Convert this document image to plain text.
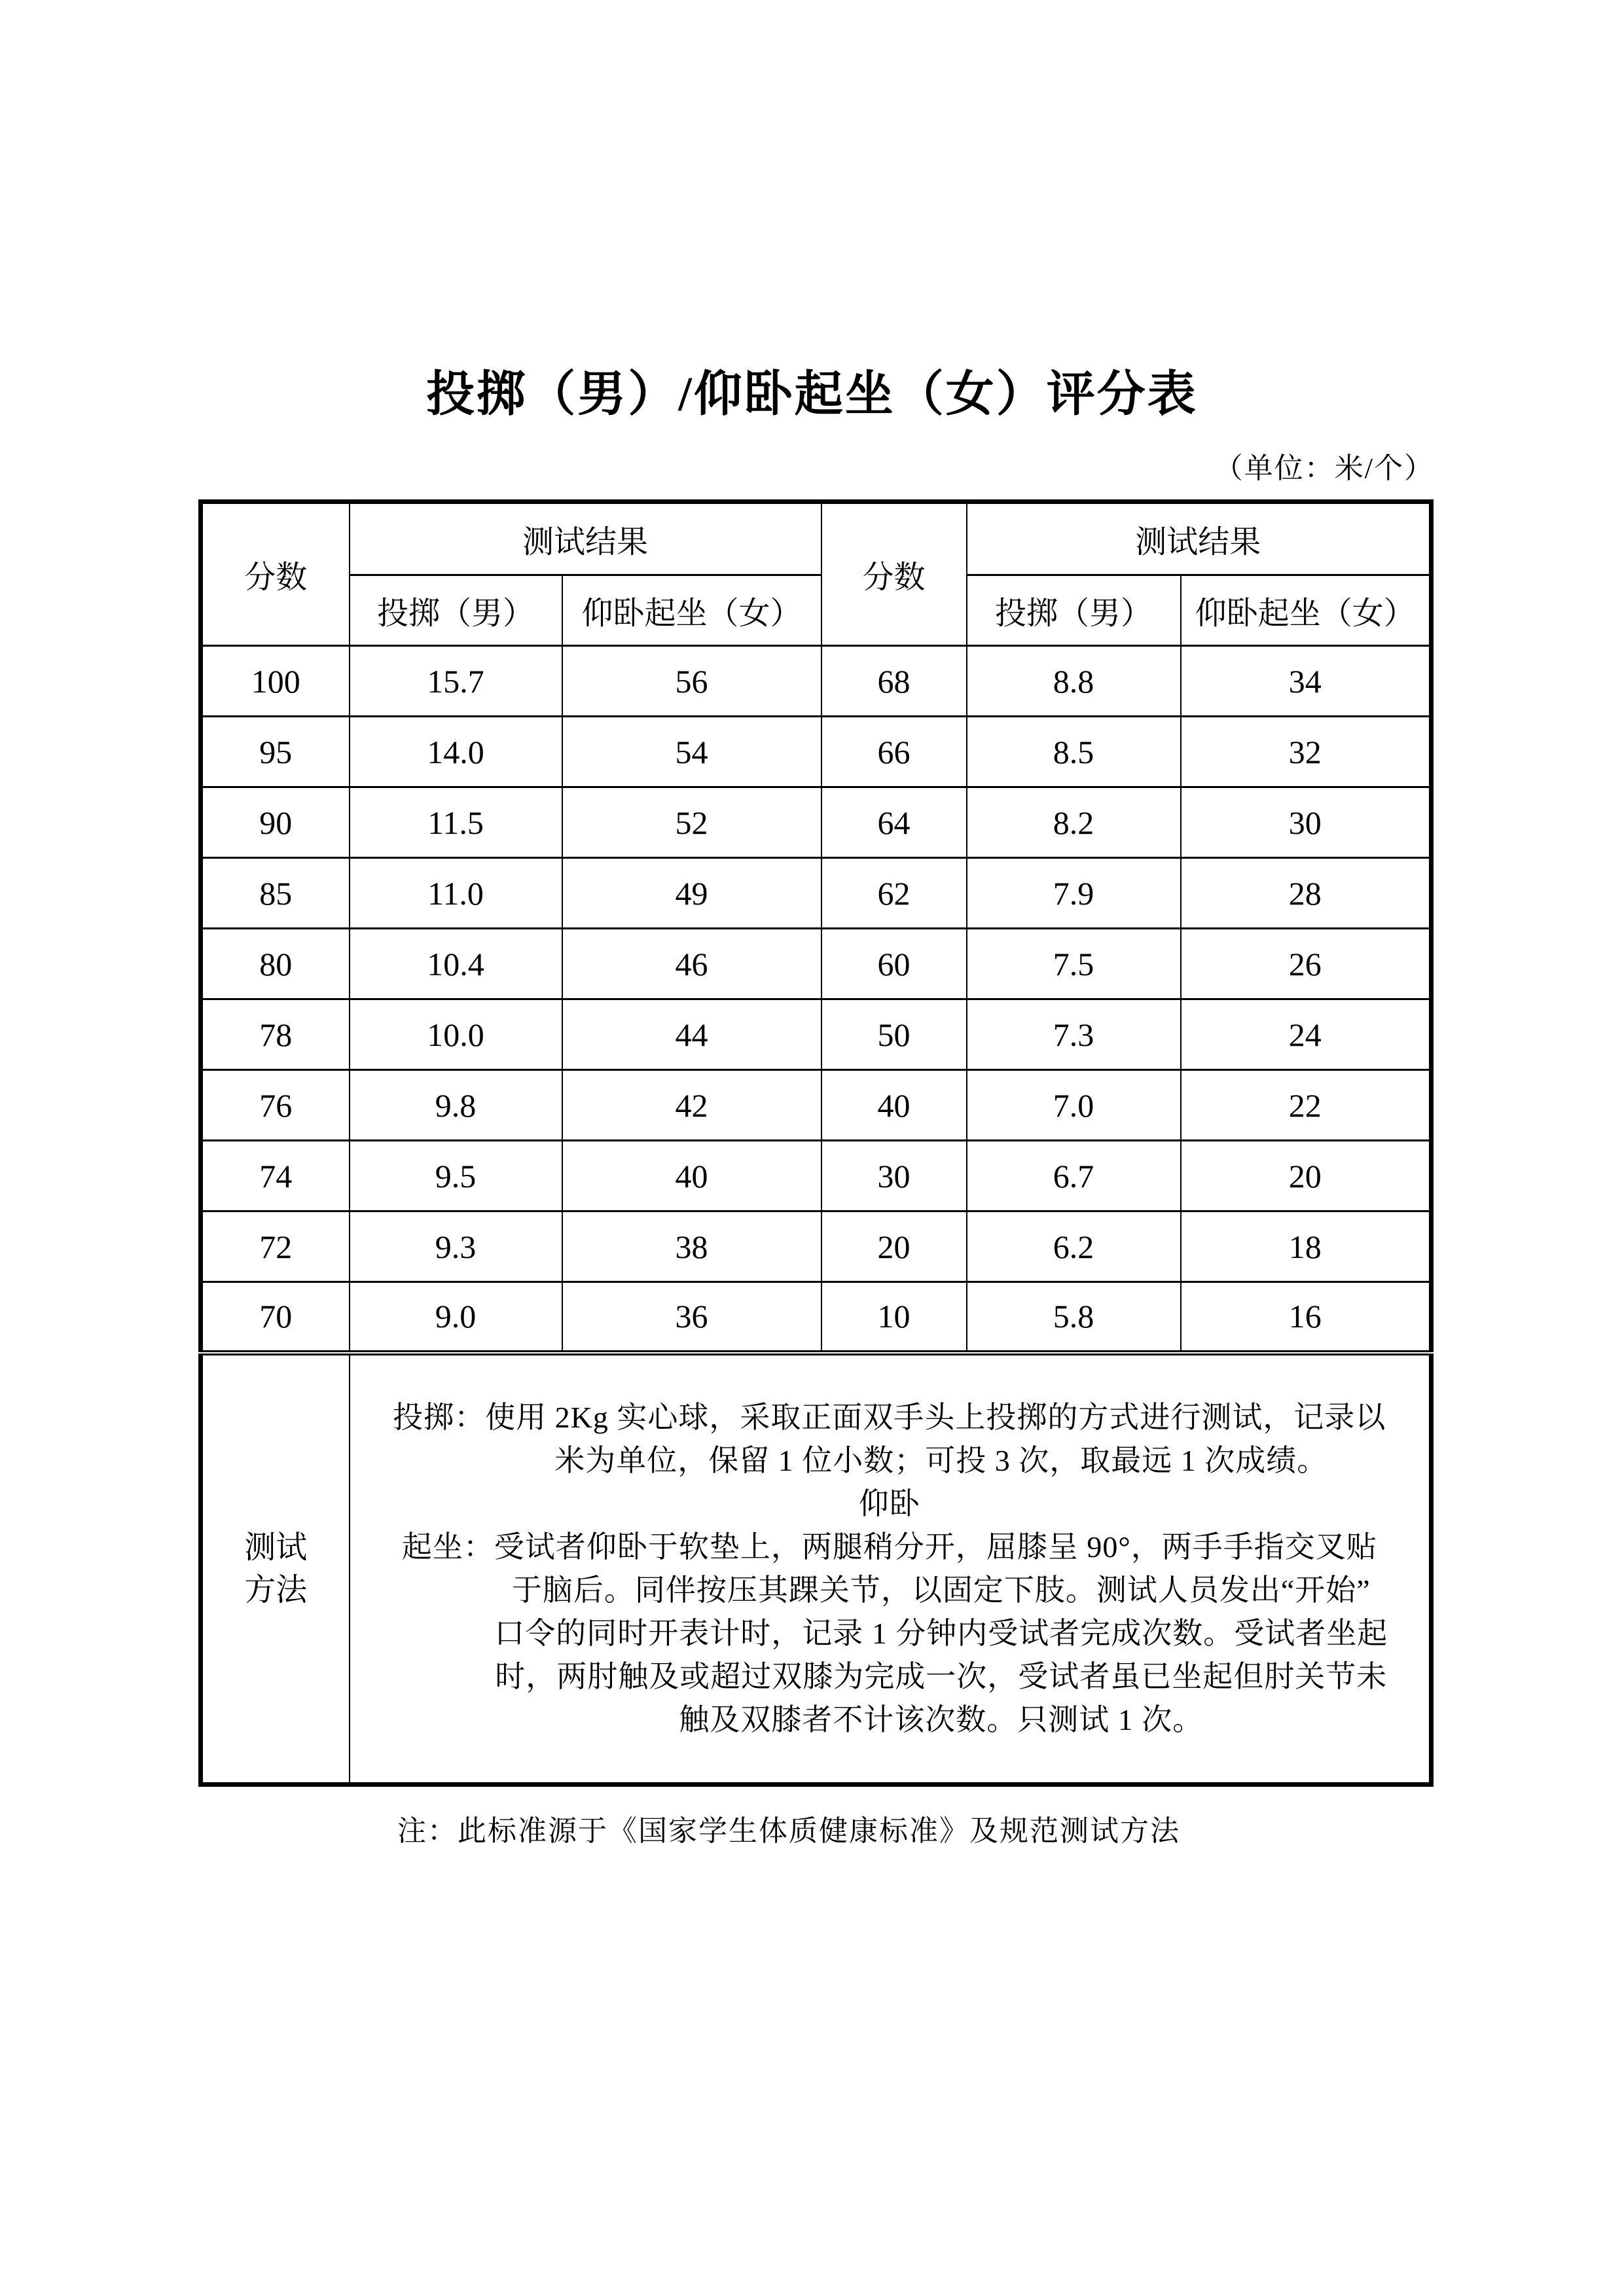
投掷（男）/仰卧起坐（女）评分表
（单位：米/个）
分数	测试结果		分数	测试结果	
	投掷（男）	仰卧起坐（女）		投掷（男）	仰卧起坐（女）
100	15.7	56	68	8.8	34
95	14.0	54	66	8.5	32
90	11.5	52	64	8.2	30
85	11.0	49	62	7.9	28
80	10.4	46	60	7.5	26
78	10.0	44	50	7.3	24
76	9.8	42	40	7.0	22
74	9.5	40	30	6.7	20
72	9.3	38	20	6.2	18
70	9.0	36	10	5.8	16

测试
方法

投掷：使用 2Kg 实心球，采取正面双手头上投掷的方式进行测试，记录以
米为单位，保留 1 位小数；可投 3 次，取最远 1 次成绩。
仰卧
起坐：受试者仰卧于软垫上，两腿稍分开，屈膝呈 90°，两手手指交叉贴
于脑后。同伴按压其踝关节，以固定下肢。测试人员发出“开始”
口令的同时开表计时，记录 1 分钟内受试者完成次数。受试者坐起
时，两肘触及或超过双膝为完成一次，受试者虽已坐起但肘关节未
触及双膝者不计该次数。只测试 1 次。
注：此标准源于《国家学生体质健康标准》及规范测试方法
